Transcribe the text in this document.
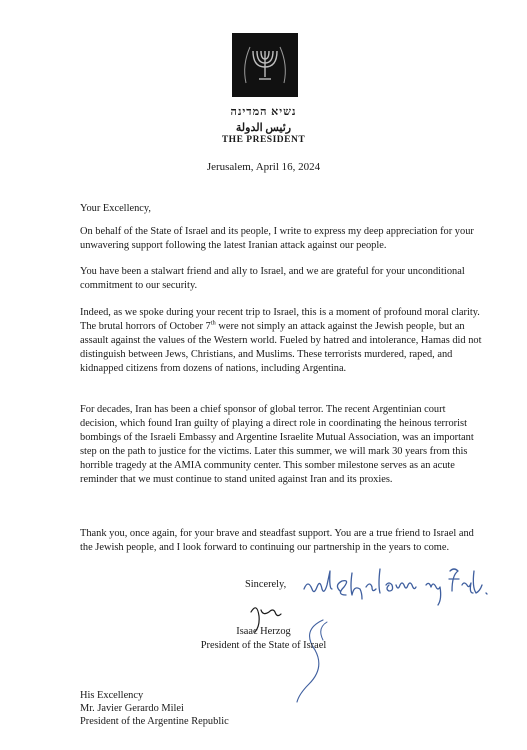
נשיא המדינה
رئيس الدولة
THE PRESIDENT
Jerusalem, April 16, 2024

Your Excellency,

On behalf of the State of Israel and its people, I write to express my deep appreciation for your unwavering support following the latest Iranian attack against our people.

You have been a stalwart friend and ally to Israel, and we are grateful for your unconditional commitment to our security.

Indeed, as we spoke during your recent trip to Israel, this is a moment of profound moral clarity. The brutal horrors of October 7th were not simply an attack against the Jewish people, but an assault against the values of the Western world. Fueled by hatred and intolerance, Hamas did not distinguish between Jews, Christians, and Muslims. These terrorists murdered, raped, and kidnapped citizens from dozens of nations, including Argentina.

For decades, Iran has been a chief sponsor of global terror. The recent Argentinian court decision, which found Iran guilty of playing a direct role in coordinating the heinous terrorist bombings of the Israeli Embassy and Argentine Israelite Mutual Association, was an important step on the path to justice for the victims. Later this summer, we will mark 30 years from this horrible tragedy at the AMIA community center. This somber milestone serves as an acute reminder that we must continue to stand united against Iran and its proxies.

Thank you, once again, for your brave and steadfast support. You are a true friend to Israel and the Jewish people, and I look forward to continuing our partnership in the years to come.

Sincerely,
Isaac Herzog
President of the State of Israel
His Excellency
Mr. Javier Gerardo Milei
President of the Argentine Republic
